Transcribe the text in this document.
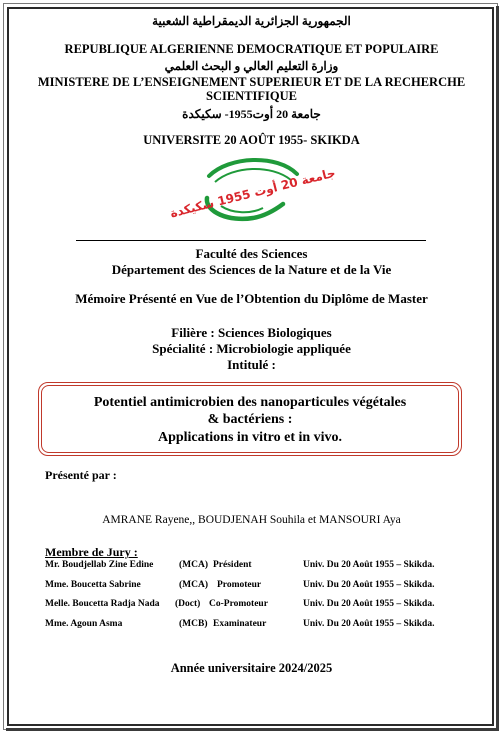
الجمهورية الجزائرية الديمقراطية الشعبية
REPUBLIQUE ALGERIENNE DEMOCRATIQUE ET POPULAIRE
وزارة التعليم العالي و البحث العلمي
MINISTERE DE L’ENSEIGNEMENT SUPERIEUR ET DE LA RECHERCHE
SCIENTIFIQUE
جامعة 20 أوت1955- سكيكدة
UNIVERSITE 20 AOÛT 1955- SKIKDA
جامعة 20 أوت 1955 سكيكدة
Faculté des Sciences
Département des Sciences de la Nature et de la Vie
Mémoire Présenté en Vue de l’Obtention du Diplôme de Master
Filière : Sciences Biologiques
Spécialité : Microbiologie appliquée
Intitulé :
Potentiel antimicrobien des nanoparticules végétales
& bactériens :
Applications in vitro et in vivo.
Présenté par :
AMRANE Rayene,, BOUDJENAH Souhila et MANSOURI Aya
Membre de Jury :
Mr. Boudjellab Zine Edine	(MCA) Président	Univ. Du 20 Août 1955 – Skikda.
Mme. Boucetta Sabrine	(MCA) Promoteur	Univ. Du 20 Août 1955 – Skikda.
Melle. Boucetta Radja Nada (Doct) Co-Promoteur	Univ. Du 20 Août 1955 – Skikda.
Mme. Agoun Asma	(MCB) Examinateur	Univ. Du 20 Août 1955 – Skikda.
Année universitaire 2024/2025
